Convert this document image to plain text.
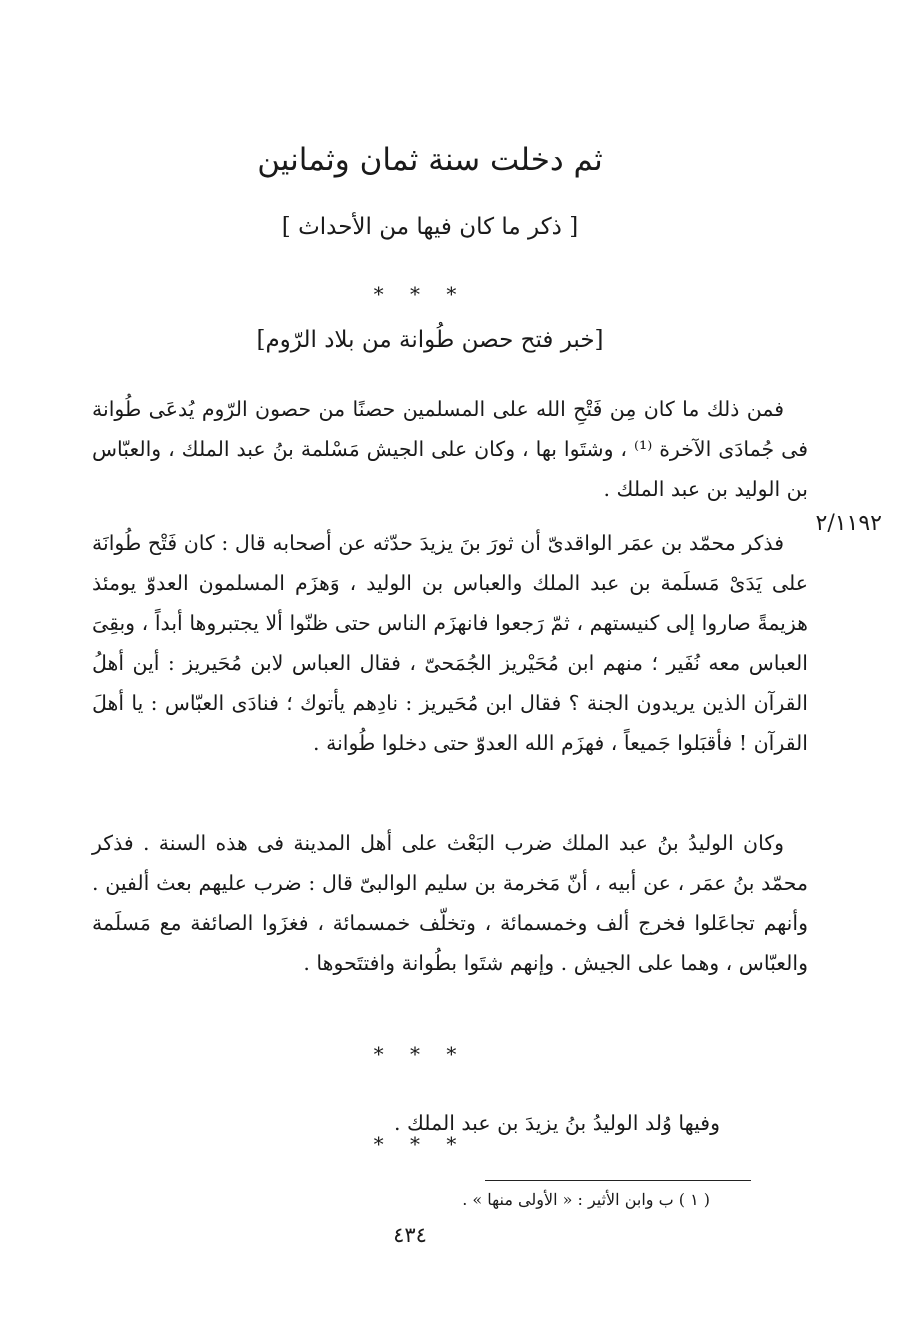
ثم دخلت سنة ثمان وثمانين
[ ذكر ما كان فيها من الأحداث ]
* * *
[خبر فتح حصن طُوانة من بلاد الرّوم]

فمن ذلك ما كان مِن فَتْحِ الله على المسلمين حصنًا من حصون الرّوم يُدعَى طُوانة فى جُمادَى الآخرة ⁽¹⁾ ، وشتَوا بها ، وكان على الجيش مَسْلمة بنُ عبد الملك ، والعبّاس بن الوليد بن عبد الملك .

٢/١١٩٢

فذكر محمّد بن عمَر الواقدىّ أن ثورَ بنَ يزيدَ حدّثه عن أصحابه قال : كان فَتْح طُوانَة على يَدَىْ مَسلَمة بن عبد الملك والعباس بن الوليد ، وَهزَم المسلمون العدوّ يومئذ هزيمةً صاروا إلى كنيستهم ، ثمّ رَجعوا فانهزَم الناس حتى ظنّوا ألا يجتبروها أبداً ، وبقِىَ العباس معه نُفَير ؛ منهم ابن مُحَيْريز الجُمَحىّ ، فقال العباس لابن مُحَيريز : أين أهلُ القرآن الذين يريدون الجنة ؟ فقال ابن مُحَيريز : نادِهم يأتوك ؛ فنادَى العبّاس : يا أهلَ القرآن ! فأقبَلوا جَميعاً ، فهزَم الله العدوّ حتى دخلوا طُوانة .

وكان الوليدُ بنُ عبد الملك ضرب البَعْث على أهل المدينة فى هذه السنة . فذكر محمّد بنُ عمَر ، عن أبيه ، أنّ مَخرمة بن سليم الوالبىّ قال : ضرب عليهم بعث ألفين . وأنهم تجاعَلوا فخرج ألف وخمسمائة ، وتخلّف خمسمائة ، فغزَوا الصائفة مع مَسلَمة والعبّاس ، وهما على الجيش . وإنهم شتَوا بطُوانة وافتتَحوها .

* * *

وفيها وُلد الوليدُ بنُ يزيدَ بن عبد الملك .

* * *
( ١ ) ب وابن الأثير : « الأولى منها » .
٤٣٤
